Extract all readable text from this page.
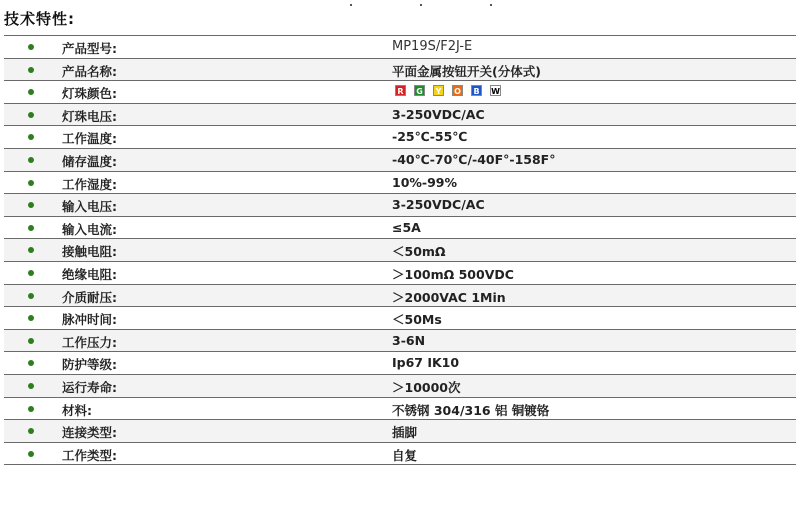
技术特性:
产品型号:	MP19S/F2J-E
产品名称:	平面金属按钮开关(分体式)
灯珠颜色:	R	G	Y	O	B	W
灯珠电压:	3-250VDC/AC
工作温度:	-25℃-55℃
储存温度:	-40℃-70℃/-40F°-158F°
工作湿度:	10%-99%
输入电压:	3-250VDC/AC
输入电流:	≤5A
接触电阻:	＜50mΩ
绝缘电阻:	＞100mΩ 500VDC
介质耐压:	＞2000VAC 1Min
脉冲时间:	＜50Ms
工作压力:	3-6N
防护等级:	Ip67 IK10
运行寿命:	＞10000次
材料:	不锈钢 304/316 铝 铜镀铬
连接类型:	插脚
工作类型:	自复
